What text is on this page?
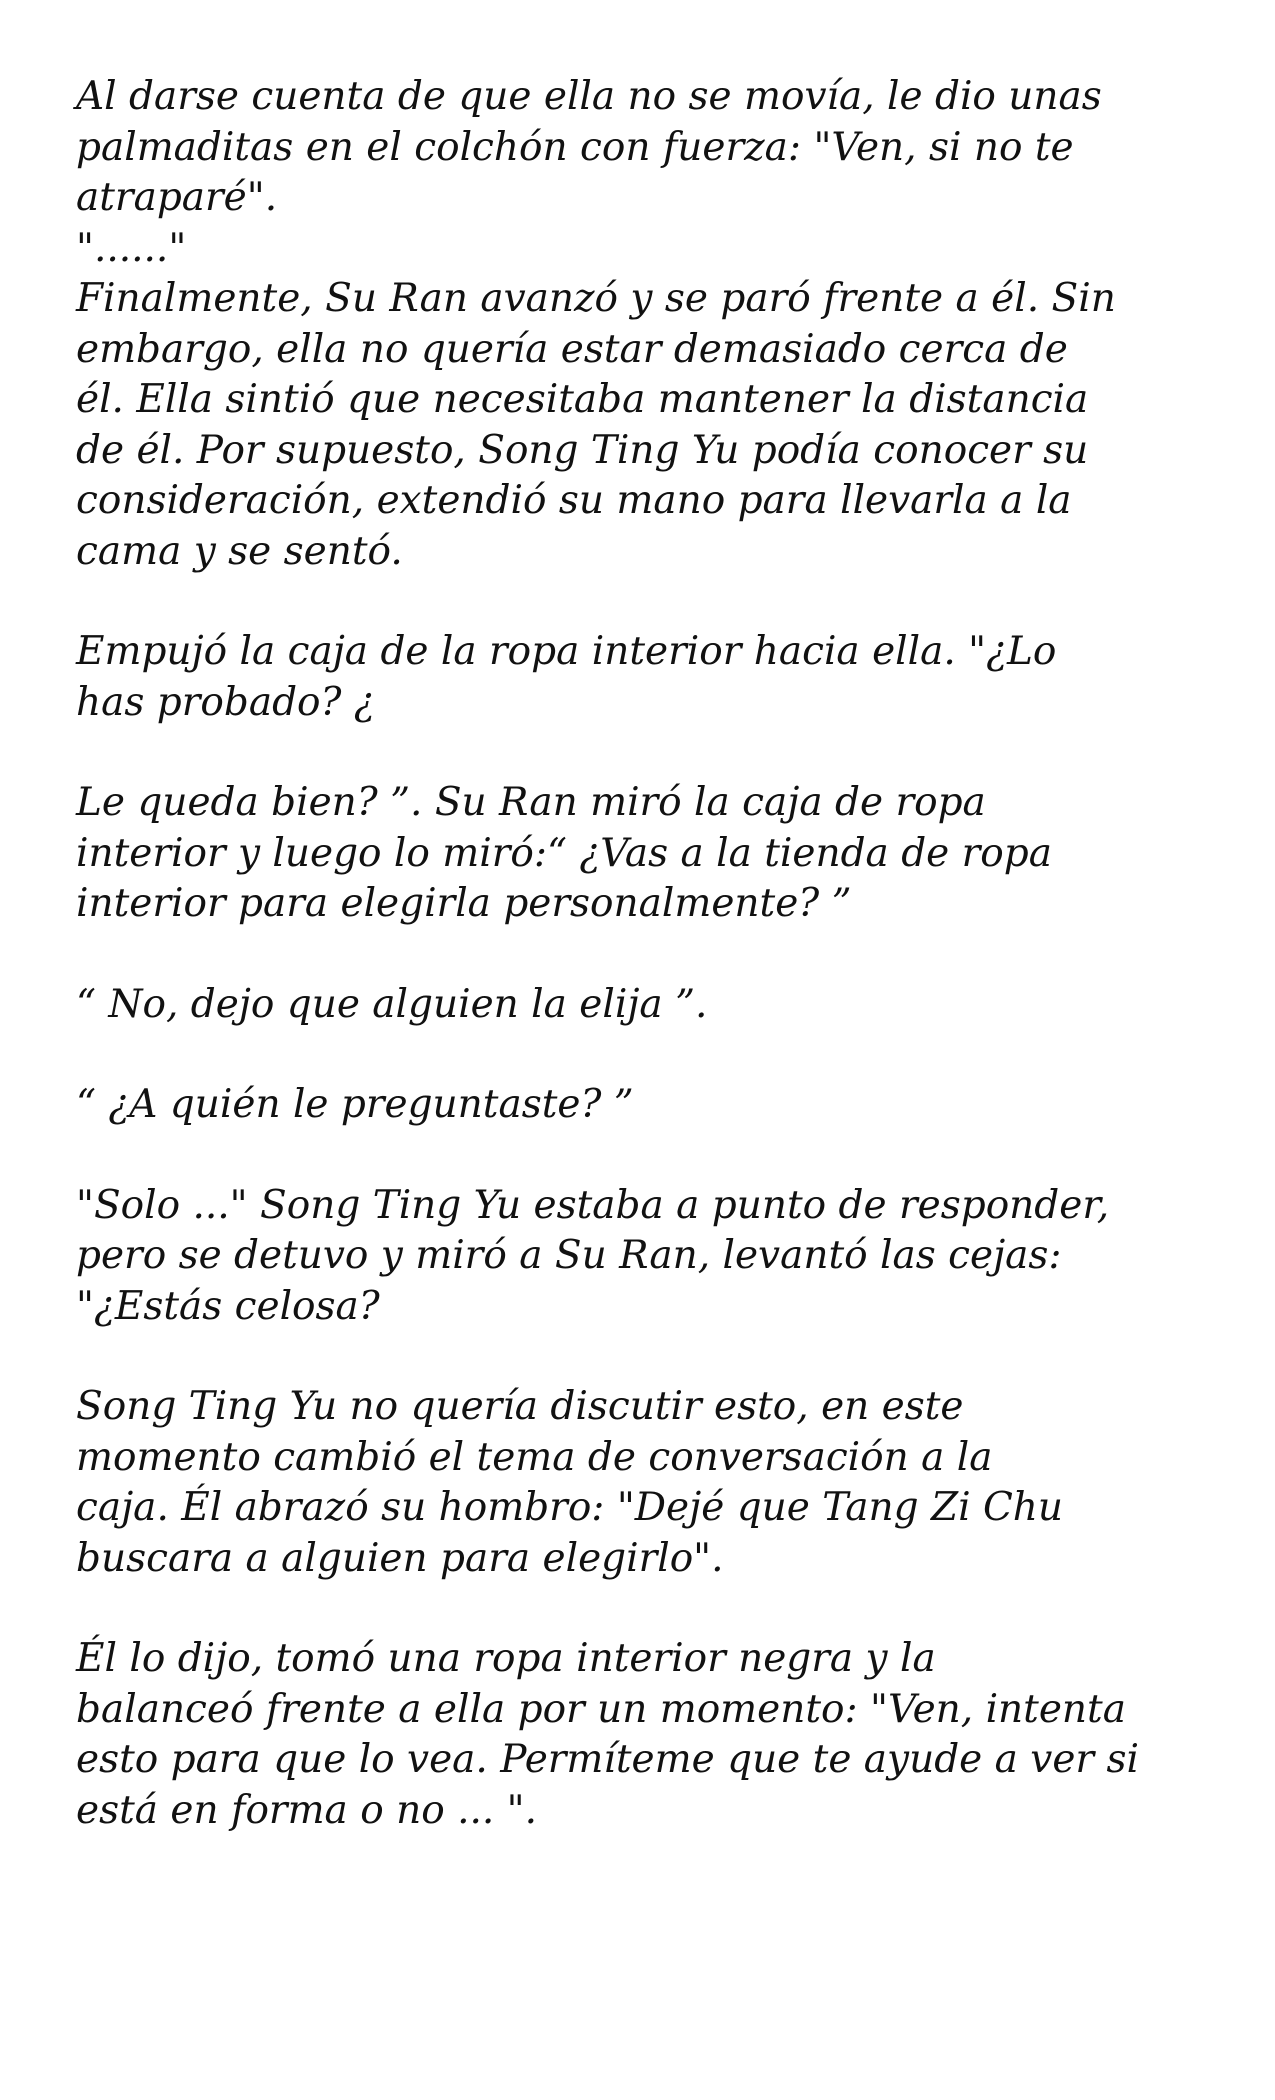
Al darse cuenta de que ella no se movía, le dio unas
palmaditas en el colchón con fuerza: "Ven, si no te
atraparé".

"......"

Finalmente, Su Ran avanzó y se paró frente a él. Sin
embargo, ella no quería estar demasiado cerca de
él. Ella sintió que necesitaba mantener la distancia
de él. Por supuesto, Song Ting Yu podía conocer su
consideración, extendió su mano para llevarla a la
cama y se sentó.

Empujó la caja de la ropa interior hacia ella. "¿Lo
has probado? ¿

Le queda bien? ”. Su Ran miró la caja de ropa
interior y luego lo miró:“ ¿Vas a la tienda de ropa
interior para elegirla personalmente? ”

“ No, dejo que alguien la elija ”.

“ ¿A quién le preguntaste? ”

"Solo ..." Song Ting Yu estaba a punto de responder,
pero se detuvo y miró a Su Ran, levantó las cejas:
"¿Estás celosa?

Song Ting Yu no quería discutir esto, en este
momento cambió el tema de conversación a la
caja. Él abrazó su hombro: "Dejé que Tang Zi Chu
buscara a alguien para elegirlo".

Él lo dijo, tomó una ropa interior negra y la
balanceó frente a ella por un momento: "Ven, intenta
esto para que lo vea. Permíteme que te ayude a ver si
está en forma o no ... ".
